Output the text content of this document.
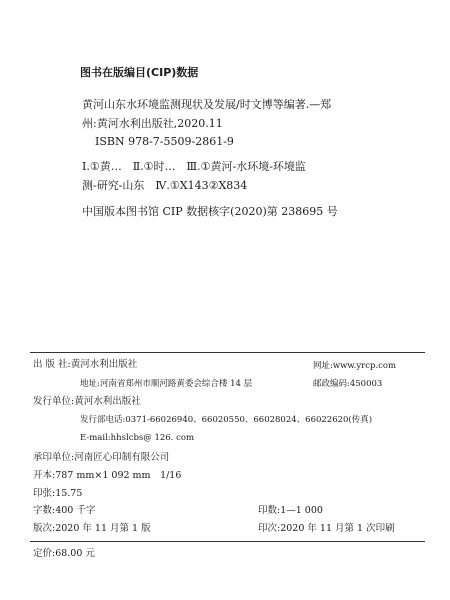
图书在版编目(CIP)数据
黄河山东水环境监测现状及发展/时文博等编著.—郑
州:黄河水利出版社,2020.11
ISBN 978-7-5509-2861-9
Ⅰ.①黄…　Ⅱ.①时…　Ⅲ.①黄河-水环境-环境监
测-研究-山东　Ⅳ.①X143②X834
中国版本图书馆 CIP 数据核字(2020)第 238695 号
出 版 社:黄河水利出版社	网址:www.yrcp.com
地址:河南省郑州市顺河路黄委会综合楼 14 层	邮政编码:450003
发行单位:黄河水利出版社
发行部电话:0371-66026940、66020550、66028024、66022620(传真)
E-mail:hhslcbs@ 126. com
承印单位:河南匠心印制有限公司
开本:787 mm×1 092 mm　1/16
印张:15.75
字数:400 千字	印数:1—1 000
版次:2020 年 11 月第 1 版	印次:2020 年 11 月第 1 次印刷
定价:68.00 元
